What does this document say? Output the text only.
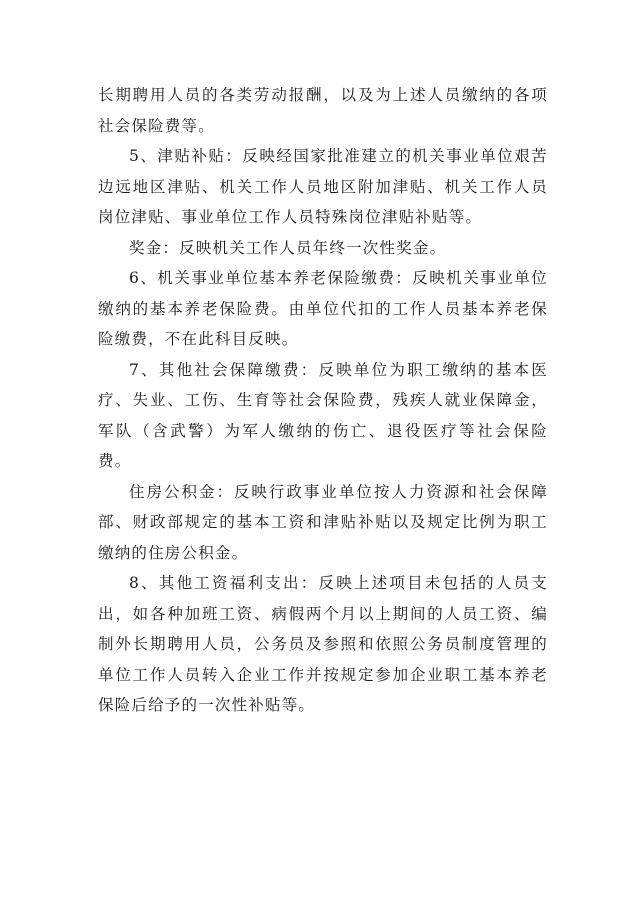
长期聘用人员的各类劳动报酬，以及为上述人员缴纳的各项社会保险费等。

5、津贴补贴：反映经国家批准建立的机关事业单位艰苦边远地区津贴、机关工作人员地区附加津贴、机关工作人员岗位津贴、事业单位工作人员特殊岗位津贴补贴等。

奖金：反映机关工作人员年终一次性奖金。

6、机关事业单位基本养老保险缴费：反映机关事业单位缴纳的基本养老保险费。由单位代扣的工作人员基本养老保险缴费，不在此科目反映。

7、其他社会保障缴费：反映单位为职工缴纳的基本医疗、失业、工伤、生育等社会保险费，残疾人就业保障金，军队（含武警）为军人缴纳的伤亡、退役医疗等社会保险费。

住房公积金：反映行政事业单位按人力资源和社会保障部、财政部规定的基本工资和津贴补贴以及规定比例为职工缴纳的住房公积金。

8、其他工资福利支出：反映上述项目未包括的人员支出，如各种加班工资、病假两个月以上期间的人员工资、编制外长期聘用人员，公务员及参照和依照公务员制度管理的单位工作人员转入企业工作并按规定参加企业职工基本养老保险后给予的一次性补贴等。
